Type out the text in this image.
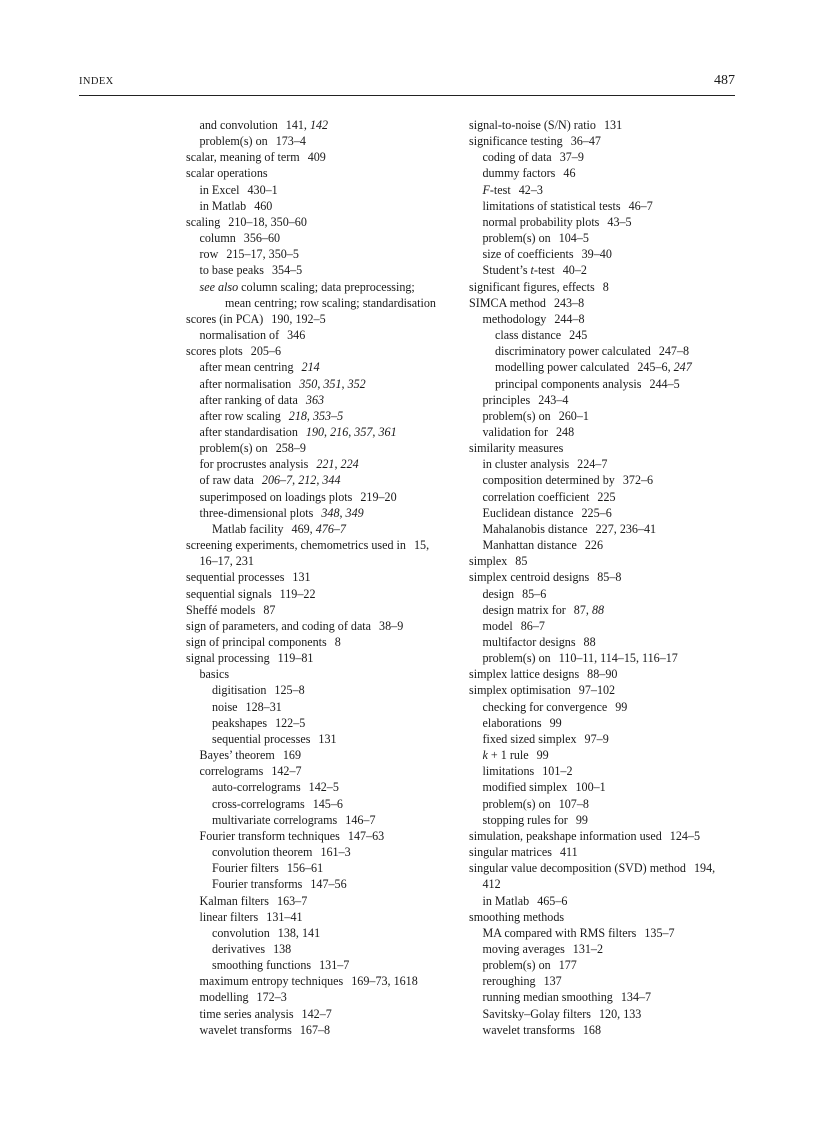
INDEX	487
and convolution 141, 142
problem(s) on 173–4
scalar, meaning of term 409
scalar operations
in Excel 430–1
in Matlab 460
scaling 210–18, 350–60
column 356–60
row 215–17, 350–5
to base peaks 354–5
see also column scaling; data preprocessing;
mean centring; row scaling; standardisation
scores (in PCA) 190, 192–5
normalisation of 346
scores plots 205–6
after mean centring 214
after normalisation 350, 351, 352
after ranking of data 363
after row scaling 218, 353–5
after standardisation 190, 216, 357, 361
problem(s) on 258–9
for procrustes analysis 221, 224
of raw data 206–7, 212, 344
superimposed on loadings plots 219–20
three-dimensional plots 348, 349
Matlab facility 469, 476–7
screening experiments, chemometrics used in 15,
16–17, 231
sequential processes 131
sequential signals 119–22
Sheffé models 87
sign of parameters, and coding of data 38–9
sign of principal components 8
signal processing 119–81
basics
digitisation 125–8
noise 128–31
peakshapes 122–5
sequential processes 131
Bayes’ theorem 169
correlograms 142–7
auto-correlograms 142–5
cross-correlograms 145–6
multivariate correlograms 146–7
Fourier transform techniques 147–63
convolution theorem 161–3
Fourier filters 156–61
Fourier transforms 147–56
Kalman filters 163–7
linear filters 131–41
convolution 138, 141
derivatives 138
smoothing functions 131–7
maximum entropy techniques 169–73, 1618
modelling 172–3
time series analysis 142–7
wavelet transforms 167–8
signal-to-noise (S/N) ratio 131
significance testing 36–47
coding of data 37–9
dummy factors 46
F-test 42–3
limitations of statistical tests 46–7
normal probability plots 43–5
problem(s) on 104–5
size of coefficients 39–40
Student’s t-test 40–2
significant figures, effects 8
SIMCA method 243–8
methodology 244–8
class distance 245
discriminatory power calculated 247–8
modelling power calculated 245–6, 247
principal components analysis 244–5
principles 243–4
problem(s) on 260–1
validation for 248
similarity measures
in cluster analysis 224–7
composition determined by 372–6
correlation coefficient 225
Euclidean distance 225–6
Mahalanobis distance 227, 236–41
Manhattan distance 226
simplex 85
simplex centroid designs 85–8
design 85–6
design matrix for 87, 88
model 86–7
multifactor designs 88
problem(s) on 110–11, 114–15, 116–17
simplex lattice designs 88–90
simplex optimisation 97–102
checking for convergence 99
elaborations 99
fixed sized simplex 97–9
k + 1 rule 99
limitations 101–2
modified simplex 100–1
problem(s) on 107–8
stopping rules for 99
simulation, peakshape information used 124–5
singular matrices 411
singular value decomposition (SVD) method 194,
412
in Matlab 465–6
smoothing methods
MA compared with RMS filters 135–7
moving averages 131–2
problem(s) on 177
reroughing 137
running median smoothing 134–7
Savitsky–Golay filters 120, 133
wavelet transforms 168
